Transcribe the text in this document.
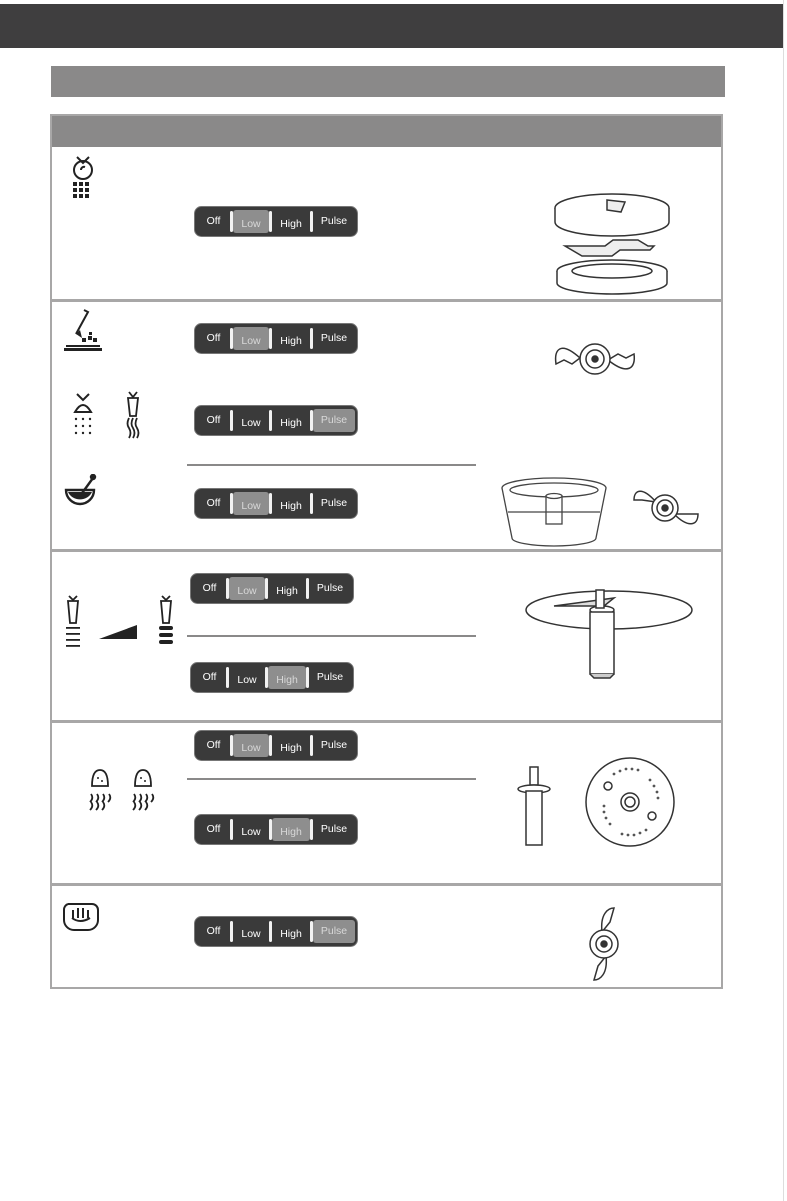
Off Low High Pulse
Off Low High Pulse
Off Low High Pulse
Off Low High Pulse
Off Low High Pulse
Off Low High Pulse
Off Low High Pulse
Off Low High Pulse
Off Low High Pulse
